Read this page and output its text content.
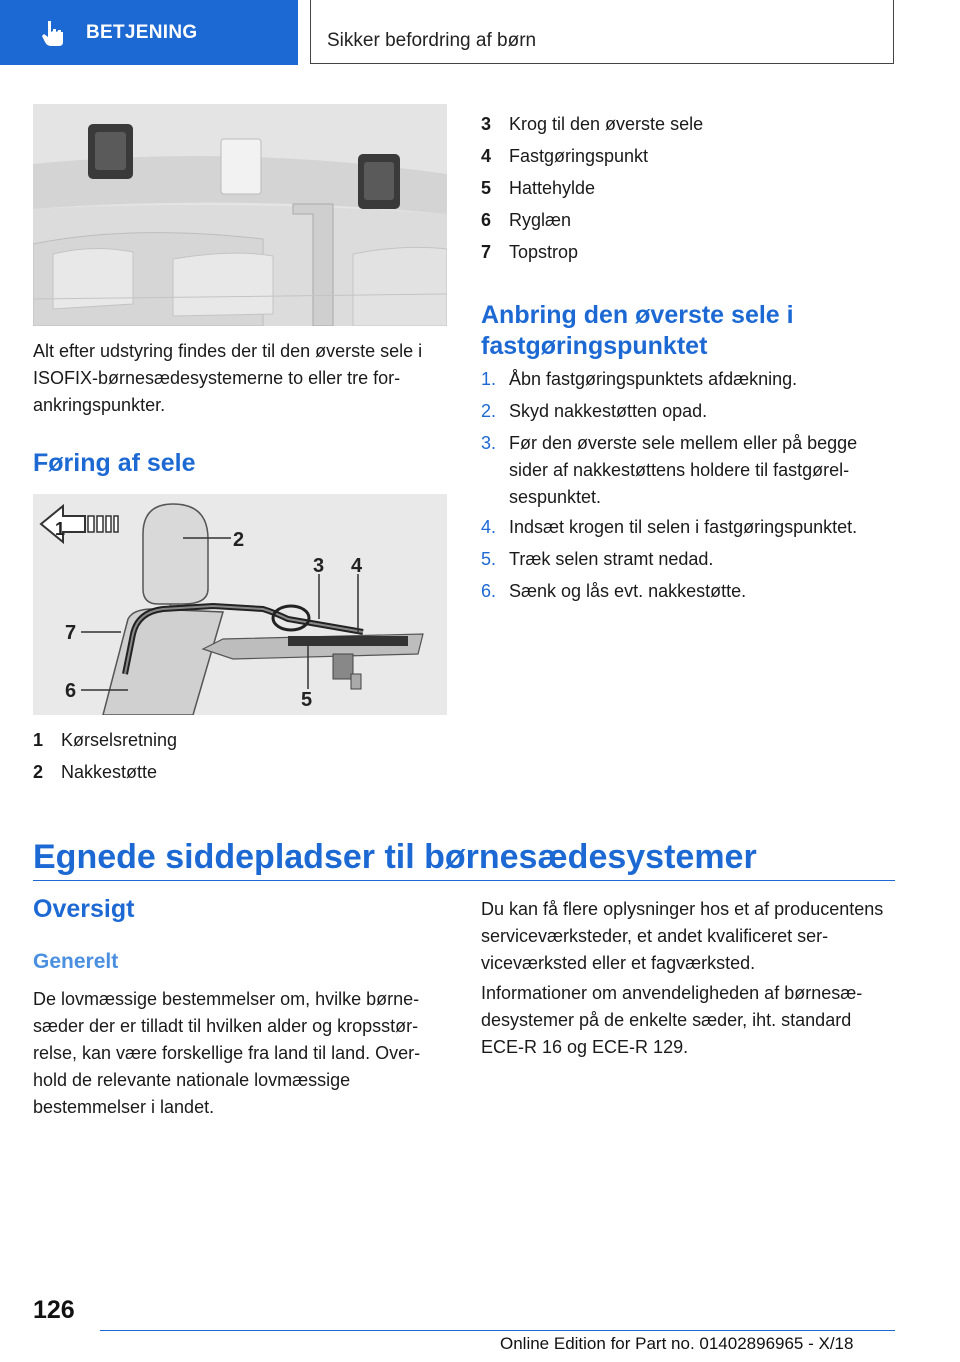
BETJENING	Sikker befordring af børn
Alt efter udstyring findes der til den øverste sele i ISOFIX-børnesædesystemerne to eller tre forankringspunkter.
Føring af sele
1	2
3 4
5
6
7
1 Kørselsretning
2 Nakkestøtte
3 Krog til den øverste sele
4 Fastgøringspunkt
5 Hattehylde
6 Ryglæn
7 Topstrop
Anbring den øverste sele i fastgøringspunktet
1. Åbn fastgøringspunktets afdækning.
2. Skyd nakkestøtten opad.
3. Før den øverste sele mellem eller på begge sider af nakkestøttens holdere til fastgørelsespunktet.
4. Indsæt krogen til selen i fastgøringspunktet.
5. Træk selen stramt nedad.
6. Sænk og lås evt. nakkestøtte.
Egnede siddepladser til børnesædesystemer
Oversigt
Generelt
De lovmæssige bestemmelser om, hvilke børnesæder der er tilladt til hvilken alder og kropsstørrelse, kan være forskellige fra land til land. Overhold de relevante nationale lovmæssige bestemmelser i landet.
Du kan få flere oplysninger hos et af producentens serviceværksteder, et andet kvalificeret serviceværksted eller et fagværksted.
Informationer om anvendeligheden af børnesædesystemer på de enkelte sæder, iht. standard ECE-R 16 og ECE-R 129.
126
Online Edition for Part no. 01402896965 - X/18
